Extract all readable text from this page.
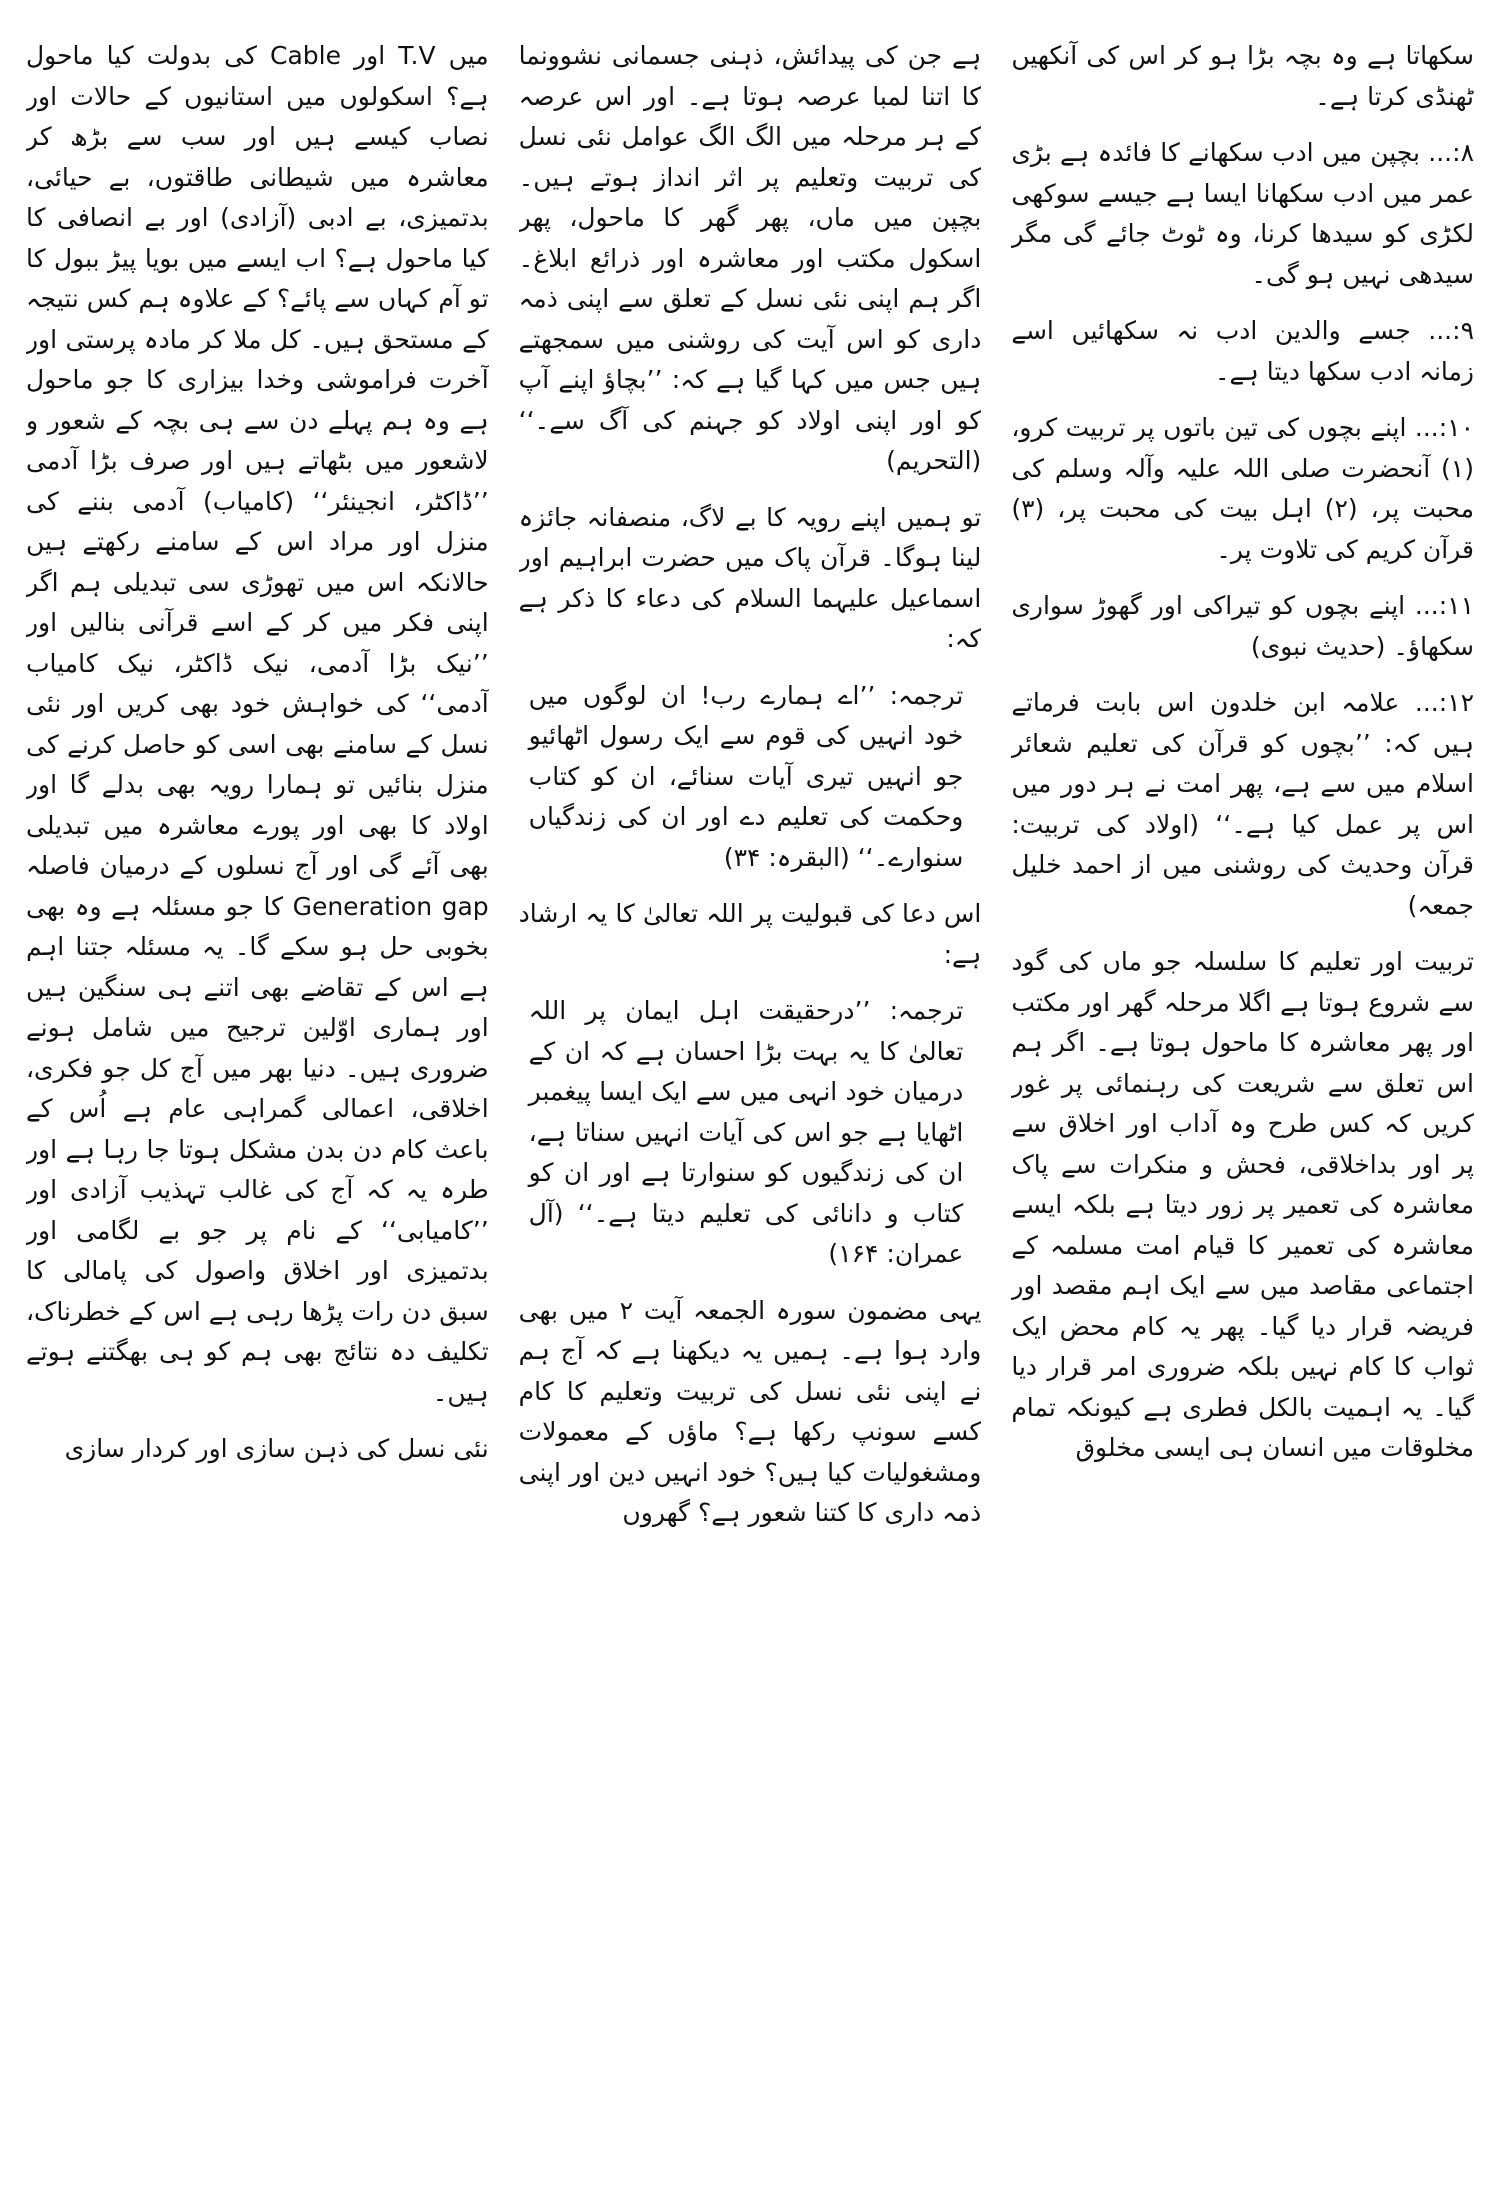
سکھاتا ہے وہ بچہ بڑا ہو کر اس کی آنکھیں ٹھنڈی کرتا ہے۔

۸:... بچپن میں ادب سکھانے کا فائدہ ہے بڑی عمر میں ادب سکھانا ایسا ہے جیسے سوکھی لکڑی کو سیدھا کرنا، وہ ٹوٹ جائے گی مگر سیدھی نہیں ہو گی۔

۹:... جسے والدین ادب نہ سکھائیں اسے زمانہ ادب سکھا دیتا ہے۔

۱۰:... اپنے بچوں کی تین باتوں پر تربیت کرو، (۱) آنحضرت صلی اللہ علیہ وآلہ وسلم کی محبت پر، (۲) اہل بیت کی محبت پر، (۳) قرآن کریم کی تلاوت پر۔

۱۱:... اپنے بچوں کو تیراکی اور گھوڑ سواری سکھاؤ۔ (حدیث نبوی)

۱۲:... علامہ ابن خلدون اس بابت فرماتے ہیں کہ: ’’بچوں کو قرآن کی تعلیم شعائر اسلام میں سے ہے، پھر امت نے ہر دور میں اس پر عمل کیا ہے۔‘‘ (اولاد کی تربیت: قرآن وحدیث کی روشنی میں از احمد خلیل جمعہ)

تربیت اور تعلیم کا سلسلہ جو ماں کی گود سے شروع ہوتا ہے اگلا مرحلہ گھر اور مکتب اور پھر معاشرہ کا ماحول ہوتا ہے۔ اگر ہم اس تعلق سے شریعت کی رہنمائی پر غور کریں کہ کس طرح وہ آداب اور اخلاق سے پر اور بداخلاقی، فحش و منکرات سے پاک معاشرہ کی تعمیر پر زور دیتا ہے بلکہ ایسے معاشرہ کی تعمیر کا قیام امت مسلمہ کے اجتماعی مقاصد میں سے ایک اہم مقصد اور فریضہ قرار دیا گیا۔ پھر یہ کام محض ایک ثواب کا کام نہیں بلکہ ضروری امر قرار دیا گیا۔ یہ اہمیت بالکل فطری ہے کیونکہ تمام مخلوقات میں انسان ہی ایسی مخلوق

ہے جن کی پیدائش، ذہنی جسمانی نشوونما کا اتنا لمبا عرصہ ہوتا ہے۔ اور اس عرصہ کے ہر مرحلہ میں الگ الگ عوامل نئی نسل کی تربیت وتعلیم پر اثر انداز ہوتے ہیں۔ بچپن میں ماں، پھر گھر کا ماحول، پھر اسکول مکتب اور معاشرہ اور ذرائع ابلاغ۔ اگر ہم اپنی نئی نسل کے تعلق سے اپنی ذمہ داری کو اس آیت کی روشنی میں سمجھتے ہیں جس میں کہا گیا ہے کہ: ’’بچاؤ اپنے آپ کو اور اپنی اولاد کو جہنم کی آگ سے۔‘‘ (التحریم)

تو ہمیں اپنے رویہ کا بے لاگ، منصفانہ جائزہ لینا ہوگا۔ قرآن پاک میں حضرت ابراہیم اور اسماعیل علیہما السلام کی دعاء کا ذکر ہے کہ:

ترجمہ: ’’اے ہمارے رب! ان لوگوں میں خود انہیں کی قوم سے ایک رسول اٹھائیو جو انہیں تیری آیات سنائے، ان کو کتاب وحکمت کی تعلیم دے اور ان کی زندگیاں سنوارے۔‘‘ (البقرہ: ۳۴)

اس دعا کی قبولیت پر اللہ تعالیٰ کا یہ ارشاد ہے:

ترجمہ: ’’درحقیقت اہل ایمان پر اللہ تعالیٰ کا یہ بہت بڑا احسان ہے کہ ان کے درمیان خود انہی میں سے ایک ایسا پیغمبر اٹھایا ہے جو اس کی آیات انہیں سناتا ہے، ان کی زندگیوں کو سنوارتا ہے اور ان کو کتاب و دانائی کی تعلیم دیتا ہے۔‘‘ (آل عمران: ۱۶۴)

یہی مضمون سورہ الجمعہ آیت ۲ میں بھی وارد ہوا ہے۔ ہمیں یہ دیکھنا ہے کہ آج ہم نے اپنی نئی نسل کی تربیت وتعلیم کا کام کسے سونپ رکھا ہے؟ ماؤں کے معمولات ومشغولیات کیا ہیں؟ خود انہیں دین اور اپنی ذمہ داری کا کتنا شعور ہے؟ گھروں

میں T.V اور Cable کی بدولت کیا ماحول ہے؟ اسکولوں میں استانیوں کے حالات اور نصاب کیسے ہیں اور سب سے بڑھ کر معاشرہ میں شیطانی طاقتوں، بے حیائی، بدتمیزی، بے ادبی (آزادی) اور بے انصافی کا کیا ماحول ہے؟ اب ایسے میں بویا پیڑ ببول کا تو آم کہاں سے پائے؟ کے علاوہ ہم کس نتیجہ کے مستحق ہیں۔ کل ملا کر مادہ پرستی اور آخرت فراموشی وخدا بیزاری کا جو ماحول ہے وہ ہم پہلے دن سے ہی بچہ کے شعور و لاشعور میں بٹھاتے ہیں اور صرف بڑا آدمی ’’ڈاکٹر، انجینئر‘‘ (کامیاب) آدمی بننے کی منزل اور مراد اس کے سامنے رکھتے ہیں حالانکہ اس میں تھوڑی سی تبدیلی ہم اگر اپنی فکر میں کر کے اسے قرآنی بنالیں اور ’’نیک بڑا آدمی، نیک ڈاکٹر، نیک کامیاب آدمی‘‘ کی خواہش خود بھی کریں اور نئی نسل کے سامنے بھی اسی کو حاصل کرنے کی منزل بنائیں تو ہمارا رویہ بھی بدلے گا اور اولاد کا بھی اور پورے معاشرہ میں تبدیلی بھی آئے گی اور آج نسلوں کے درمیان فاصلہ Generation gap کا جو مسئلہ ہے وہ بھی بخوبی حل ہو سکے گا۔ یہ مسئلہ جتنا اہم ہے اس کے تقاضے بھی اتنے ہی سنگین ہیں اور ہماری اوّلین ترجیح میں شامل ہونے ضروری ہیں۔ دنیا بھر میں آج کل جو فکری، اخلاقی، اعمالی گمراہی عام ہے اُس کے باعث کام دن بدن مشکل ہوتا جا رہا ہے اور طرہ یہ کہ آج کی غالب تہذیب آزادی اور ’’کامیابی‘‘ کے نام پر جو بے لگامی اور بدتمیزی اور اخلاق واصول کی پامالی کا سبق دن رات پڑھا رہی ہے اس کے خطرناک، تکلیف دہ نتائج بھی ہم کو ہی بھگتنے ہوتے ہیں۔

نئی نسل کی ذہن سازی اور کردار سازی
